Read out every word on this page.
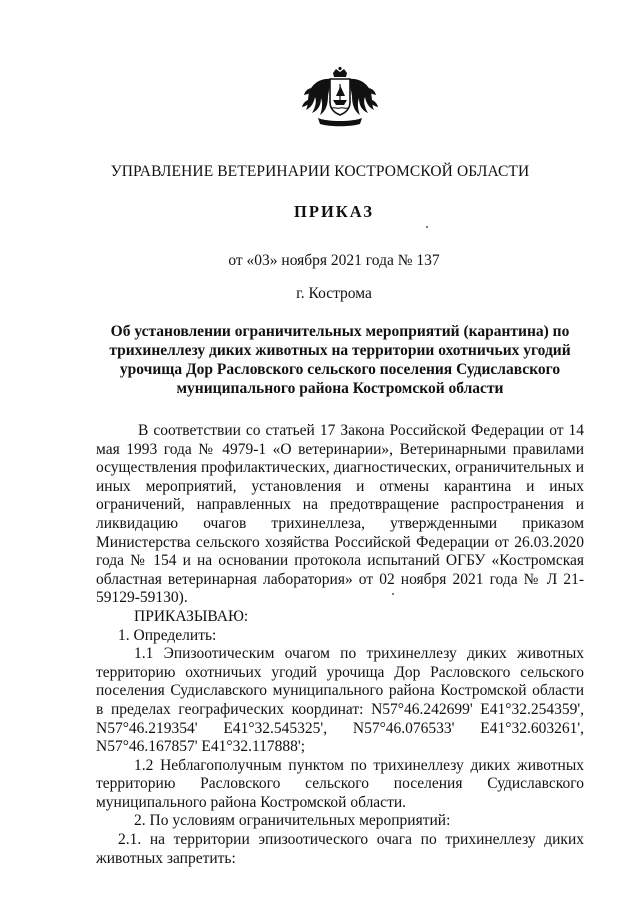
УПРАВЛЕНИЕ ВЕТЕРИНАРИИ КОСТРОМСКОЙ ОБЛАСТИ
ПРИКАЗ
от «03» ноября 2021 года № 137
г. Кострома
Об установлении ограничительных мероприятий (карантина) по трихинеллезу диких животных на территории охотничьих угодий урочища Дор Расловского сельского поселения Судиславского муниципального района Костромской области

В соответствии со статьей 17 Закона Российской Федерации от 14 мая 1993 года № 4979-1 «О ветеринарии», Ветеринарными правилами осуществления профилактических, диагностических, ограничительных и иных мероприятий, установления и отмены карантина и иных ограничений, направленных на предотвращение распространения и ликвидацию очагов трихинеллеза, утвержденными приказом Министерства сельского хозяйства Российской Федерации от 26.03.2020 года № 154 и на основании протокола испытаний ОГБУ «Костромская областная ветеринарная лаборатория» от 02 ноября 2021 года № Л 21-59129-59130).

ПРИКАЗЫВАЮ:

1. Определить:

1.1 Эпизоотическим очагом по трихинеллезу диких животных территорию охотничьих угодий урочища Дор Расловского сельского поселения Судиславского муниципального района Костромской области в пределах географических координат: N57°46.242699' E41°32.254359', N57°46.219354' E41°32.545325', N57°46.076533' E41°32.603261', N57°46.167857' E41°32.117888';

1.2 Неблагополучным пунктом по трихинеллезу диких животных территорию Расловского сельского поселения Судиславского муниципального района Костромской области.

2. По условиям ограничительных мероприятий:

2.1. на территории эпизоотического очага по трихинеллезу диких животных запретить:
